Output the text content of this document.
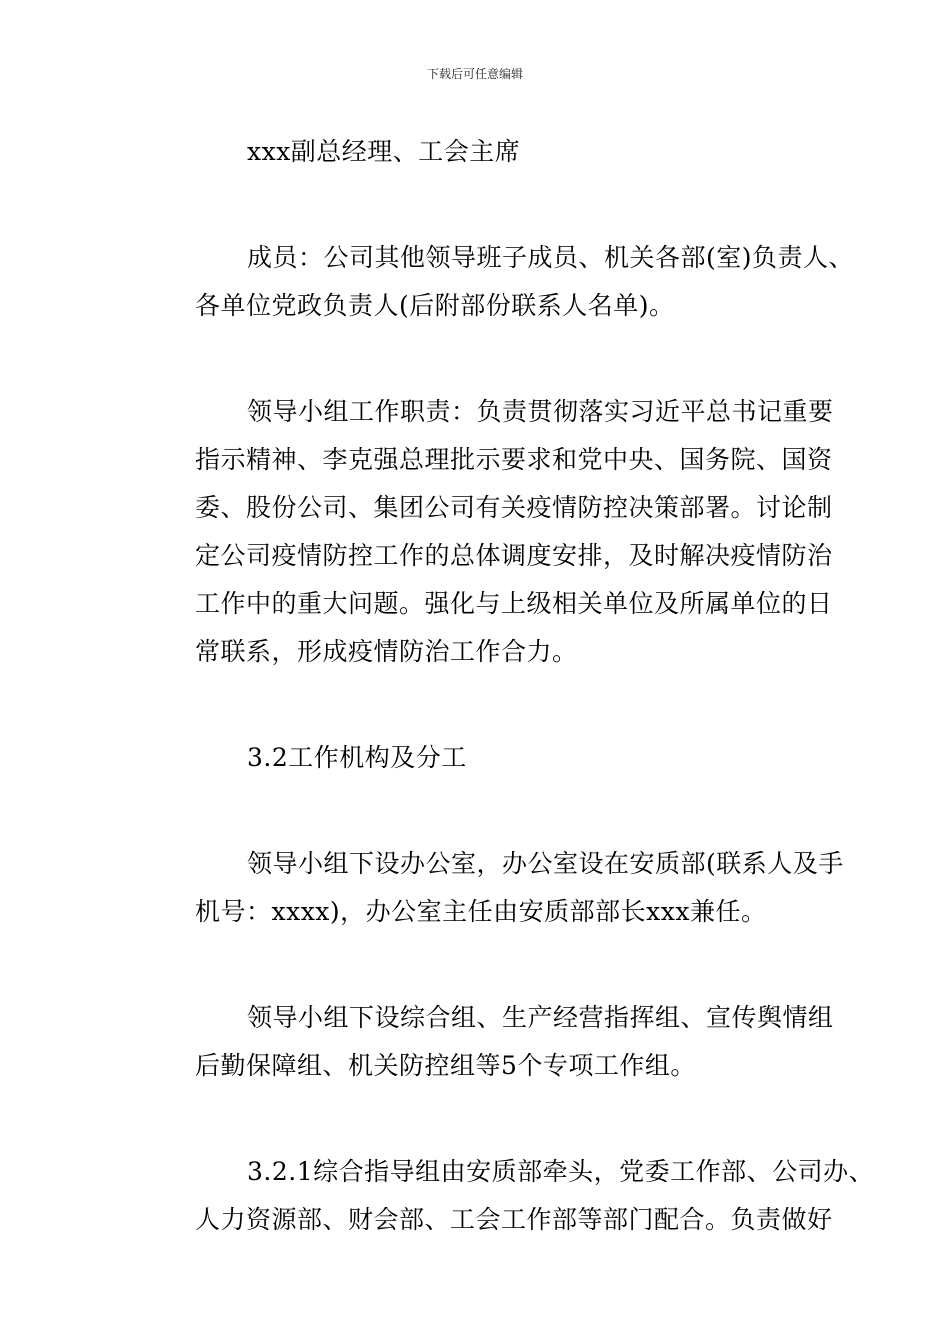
下载后可任意编辑
xxx副总经理、工会主席
成员：公司其他领导班子成员、机关各部(室)负责人、
各单位党政负责人(后附部份联系人名单)。
领导小组工作职责：负责贯彻落实习近平总书记重要
指示精神、李克强总理批示要求和党中央、国务院、国资
委、股份公司、集团公司有关疫情防控决策部署。讨论制
定公司疫情防控工作的总体调度安排，及时解决疫情防治
工作中的重大问题。强化与上级相关单位及所属单位的日
常联系，形成疫情防治工作合力。
3.2工作机构及分工
领导小组下设办公室，办公室设在安质部(联系人及手
机号：xxxx)，办公室主任由安质部部长xxx兼任。
领导小组下设综合组、生产经营指挥组、宣传舆情组
后勤保障组、机关防控组等5个专项工作组。
3.2.1综合指导组由安质部牵头，党委工作部、公司办、
人力资源部、财会部、工会工作部等部门配合。负责做好
